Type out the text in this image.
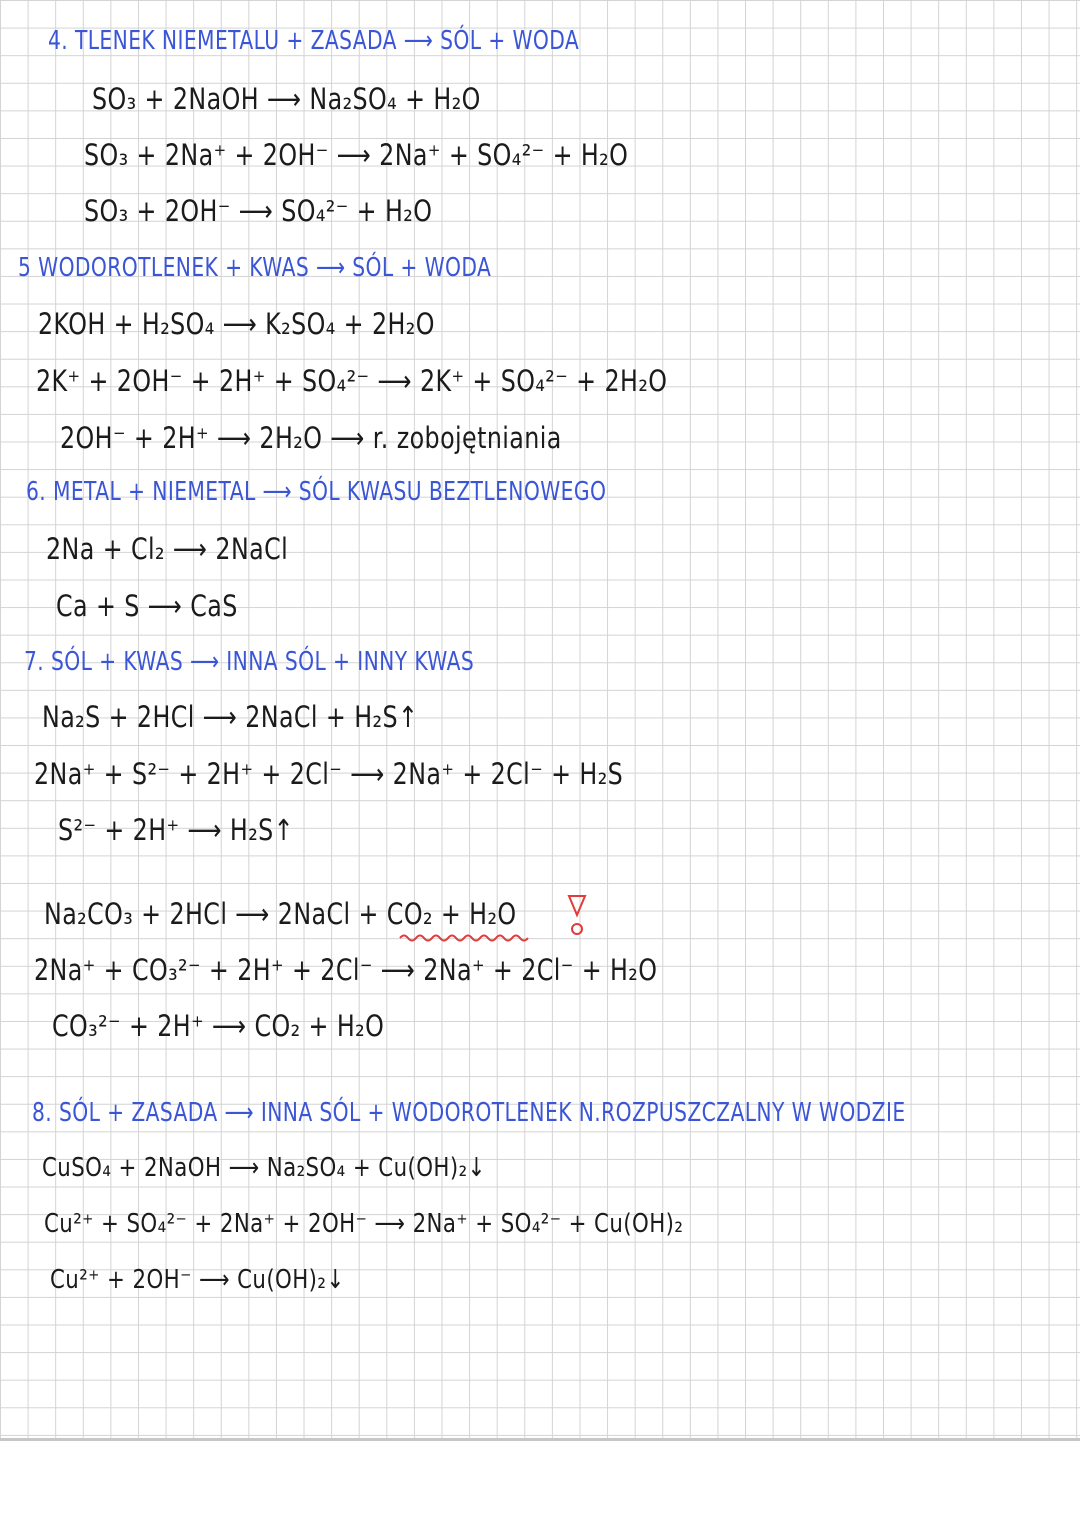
4. TLENEK NIEMETALU + ZASADA ⟶ SÓL + WODA
SO₃ + 2NaOH ⟶ Na₂SO₄ + H₂O
SO₃ + 2Na⁺ + 2OH⁻ ⟶ 2Na⁺ + SO₄²⁻ + H₂O
SO₃ + 2OH⁻ ⟶ SO₄²⁻ + H₂O
5 WODOROTLENEK + KWAS ⟶ SÓL + WODA
2KOH + H₂SO₄ ⟶ K₂SO₄ + 2H₂O
2K⁺ + 2OH⁻ + 2H⁺ + SO₄²⁻ ⟶ 2K⁺ + SO₄²⁻ + 2H₂O
2OH⁻ + 2H⁺ ⟶ 2H₂O ⟶ r. zobojętniania
6. METAL + NIEMETAL ⟶ SÓL KWASU BEZTLENOWEGO
2Na + Cl₂ ⟶ 2NaCl
Ca + S ⟶ CaS
7. SÓL + KWAS ⟶ INNA SÓL + INNY KWAS
Na₂S + 2HCl ⟶ 2NaCl + H₂S↑
2Na⁺ + S²⁻ + 2H⁺ + 2Cl⁻ ⟶ 2Na⁺ + 2Cl⁻ + H₂S
S²⁻ + 2H⁺ ⟶ H₂S↑
Na₂CO₃ + 2HCl ⟶ 2NaCl + CO₂ + H₂O
2Na⁺ + CO₃²⁻ + 2H⁺ + 2Cl⁻ ⟶ 2Na⁺ + 2Cl⁻ + H₂O
CO₃²⁻ + 2H⁺ ⟶ CO₂ + H₂O
8. SÓL + ZASADA ⟶ INNA SÓL + WODOROTLENEK N.ROZPUSZCZALNY W WODZIE
CuSO₄ + 2NaOH ⟶ Na₂SO₄ + Cu(OH)₂↓
Cu²⁺ + SO₄²⁻ + 2Na⁺ + 2OH⁻ ⟶ 2Na⁺ + SO₄²⁻ + Cu(OH)₂
Cu²⁺ + 2OH⁻ ⟶ Cu(OH)₂↓
